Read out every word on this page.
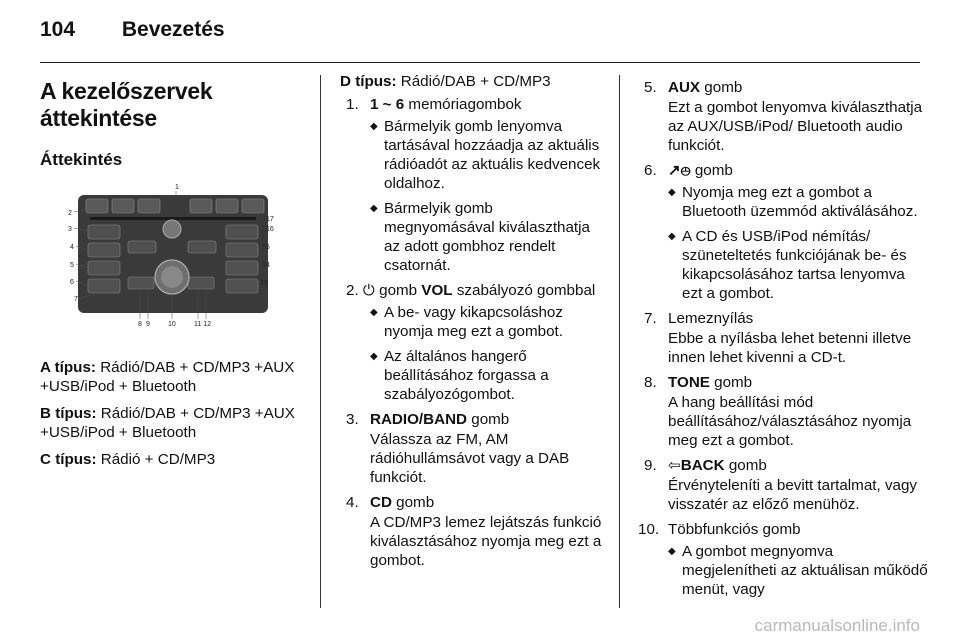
104 Bevezetés
A kezelőszervek áttekintése
Áttekintés
1
2
3
4
5
6
7
8 9	10	11 12
13
14
15
16
17
A típus: Rádió/DAB + CD/MP3 +AUX +USB/iPod + Bluetooth
B típus: Rádió/DAB + CD/MP3 +AUX +USB/iPod + Bluetooth
C típus: Rádió + CD/MP3
D típus: Rádió/DAB + CD/MP3
1. 1 ~ 6 memóriagombok
◆ Bármelyik gomb lenyomva tartásával hozzáadja az aktuális rádióadót az aktuális kedvencek oldalhoz.
◆ Bármelyik gomb megnyomásával kiválaszthatja az adott gombhoz rendelt csatornát.
2. ⏻ gomb VOL szabályozó gombbal
◆ A be- vagy kikapcsoláshoz nyomja meg ezt a gombot.
◆ Az általános hangerő beállításához forgassa a szabályozógombot.
3. RADIO/BAND gomb
Válassza az FM, AM rádióhullámsávot vagy a DAB funkciót.
4. CD gomb
A CD/MP3 lemez lejátszás funkció kiválasztásához nyomja meg ezt a gombot.
5. AUX gomb
Ezt a gombot lenyomva kiválaszthatja az AUX/USB/iPod/ Bluetooth audio funkciót.
6. ↗⦺ gomb
◆ Nyomja meg ezt a gombot a Bluetooth üzemmód aktiválásához.
◆ A CD és USB/iPod némítás/ szüneteltetés funkciójának be- és kikapcsolásához tartsa lenyomva ezt a gombot.
7. Lemeznyílás
Ebbe a nyílásba lehet betenni illetve innen lehet kivenni a CD-t.
8. TONE gomb
A hang beállítási mód beállításához/választásához nyomja meg ezt a gombot.
9. ⇦BACK gomb
Érvényteleníti a bevitt tartalmat, vagy visszatér az előző menühöz.
10. Többfunkciós gomb
◆ A gombot megnyomva megjelenítheti az aktuálisan működő menüt, vagy
carmanualsonline.info
